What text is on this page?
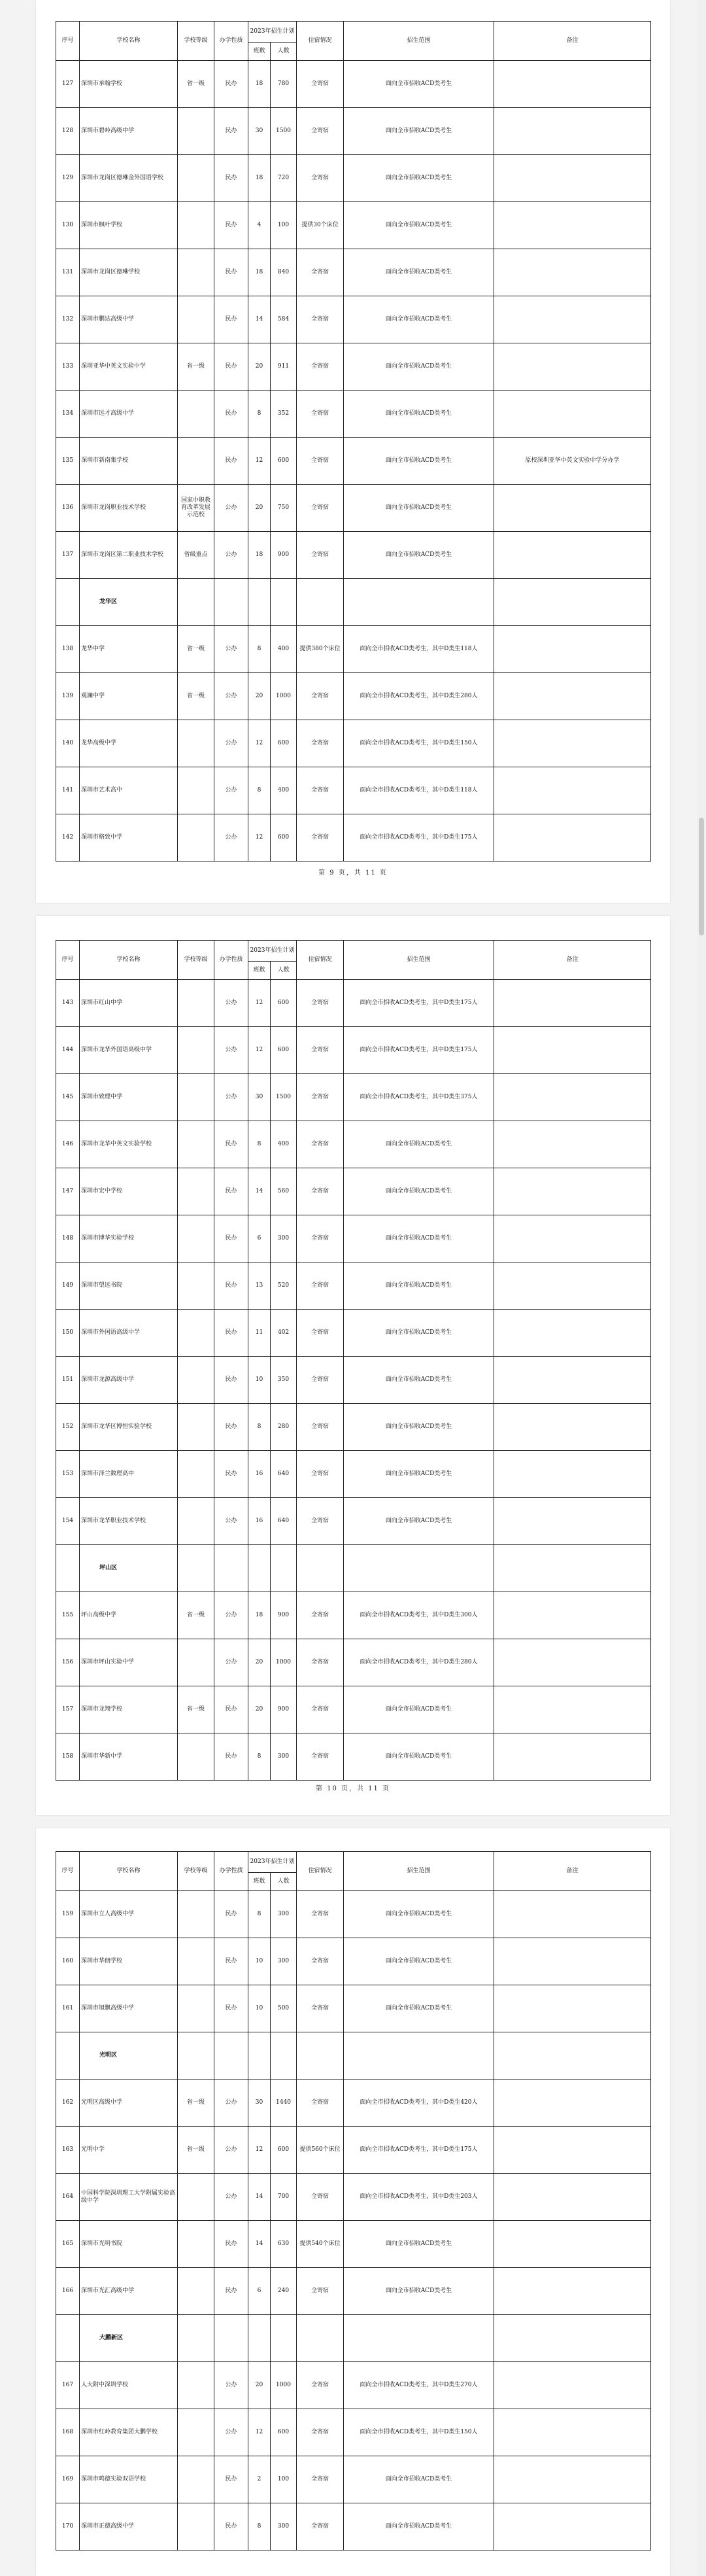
序号	学校名称	学校等级	办学性质	2023年招生计划		住宿情况	招生范围	备注
				班数	人数			
127	深圳市承翰学校	省一级	民办	18	780	全寄宿	面向全市招收ACD类考生	
128	深圳市碧岭高级中学		民办	30	1500	全寄宿	面向全市招收ACD类考生	
129	深圳市龙岗区德琳金外国语学校		民办	18	720	全寄宿	面向全市招收ACD类考生	
130	深圳市枫叶学校		民办	4	100	提供30个床位	面向全市招收ACD类考生	
131	深圳市龙岗区德琳学校		民办	18	840	全寄宿	面向全市招收ACD类考生	
132	深圳市鹏达高级中学		民办	14	584	全寄宿	面向全市招收ACD类考生	
133	深圳亚华中英文实验中学	省一级	民办	20	911	全寄宿	面向全市招收ACD类考生	
134	深圳市远才高级中学		民办	8	352	全寄宿	面向全市招收ACD类考生	
135	深圳市新南集学校		民办	12	600	全寄宿	面向全市招收ACD类考生	原校深圳亚华中英文实验中学分办学
136	深圳市龙岗职业技术学校	国家中职教育改革发展示范校	公办	20	750	全寄宿	面向全市招收ACD类考生	
137	深圳市龙岗区第二职业技术学校	省级重点	公办	18	900	全寄宿	面向全市招收ACD类考生	
	龙华区							
138	龙华中学	省一级	公办	8	400	提供380个床位	面向全市招收ACD类考生，其中D类生118人	
139	观澜中学	省一级	公办	20	1000	全寄宿	面向全市招收ACD类考生，其中D类生280人	
140	龙华高级中学		公办	12	600	全寄宿	面向全市招收ACD类考生，其中D类生150人	
141	深圳市艺术高中		公办	8	400	全寄宿	面向全市招收ACD类考生，其中D类生118人	
142	深圳市格致中学		公办	12	600	全寄宿	面向全市招收ACD类考生，其中D类生175人	
第 9 页，共 11 页
序号	学校名称	学校等级	办学性质	2023年招生计划		住宿情况	招生范围	备注
				班数	人数			
143	深圳市红山中学		公办	12	600	全寄宿	面向全市招收ACD类考生，其中D类生175人	
144	深圳市龙华外国语高级中学		公办	12	600	全寄宿	面向全市招收ACD类考生，其中D类生175人	
145	深圳市致理中学		公办	30	1500	全寄宿	面向全市招收ACD类考生，其中D类生375人	
146	深圳市龙华中英文实验学校		民办	8	400	全寄宿	面向全市招收ACD类考生	
147	深圳市宏中学校		民办	14	560	全寄宿	面向全市招收ACD类考生	
148	深圳市博华实验学校		民办	6	300	全寄宿	面向全市招收ACD类考生	
149	深圳市望远书院		民办	13	520	全寄宿	面向全市招收ACD类考生	
150	深圳市外国语高级中学		民办	11	402	全寄宿	面向全市招收ACD类考生	
151	深圳市龙源高级中学		民办	10	350	全寄宿	面向全市招收ACD类考生	
152	深圳市龙华区博恒实验学校		民办	8	280	全寄宿	面向全市招收ACD类考生	
153	深圳市泽兰数理高中		民办	16	640	全寄宿	面向全市招收ACD类考生	
154	深圳市龙华职业技术学校		公办	16	640	全寄宿	面向全市招收ACD类考生	
	坪山区							
155	坪山高级中学	省一级	公办	18	900	全寄宿	面向全市招收ACD类考生，其中D类生300人	
156	深圳市坪山实验中学		公办	20	1000	全寄宿	面向全市招收ACD类考生，其中D类生280人	
157	深圳市龙翔学校	省一级	民办	20	900	全寄宿	面向全市招收ACD类考生	
158	深圳市华新中学		民办	8	300	全寄宿	面向全市招收ACD类考生	
第 10 页，共 11 页
序号	学校名称	学校等级	办学性质	2023年招生计划		住宿情况	招生范围	备注
				班数	人数			
159	深圳市立人高级中学		民办	8	300	全寄宿	面向全市招收ACD类考生	
160	深圳市华朗学校		民办	10	300	全寄宿	面向全市招收ACD类考生	
161	深圳市旭飘高级中学		民办	10	500	全寄宿	面向全市招收ACD类考生	
	光明区							
162	光明区高级中学	省一级	公办	30	1440	全寄宿	面向全市招收ACD类考生，其中D类生420人	
163	光明中学	省一级	公办	12	600	提供560个床位	面向全市招收ACD类考生，其中D类生175人	
164	中国科学院深圳理工大学附属实验高级中学		公办	14	700	全寄宿	面向全市招收ACD类考生，其中D类生203人	
165	深圳市光明书院		民办	14	630	提供540个床位	面向全市招收ACD类考生	
166	深圳市光汇高级中学		民办	6	240	全寄宿	面向全市招收ACD类考生	
	大鹏新区							
167	人大附中深圳学校		公办	20	1000	全寄宿	面向全市招收ACD类考生，其中D类生270人	
168	深圳市红岭教育集团大鹏学校		公办	12	600	全寄宿	面向全市招收ACD类考生，其中D类生150人	
169	深圳市鸣德实验双语学校		民办	2	100	全寄宿	面向全市招收ACD类考生	
170	深圳市正德高级中学		民办	8	300	全寄宿	面向全市招收ACD类考生	
